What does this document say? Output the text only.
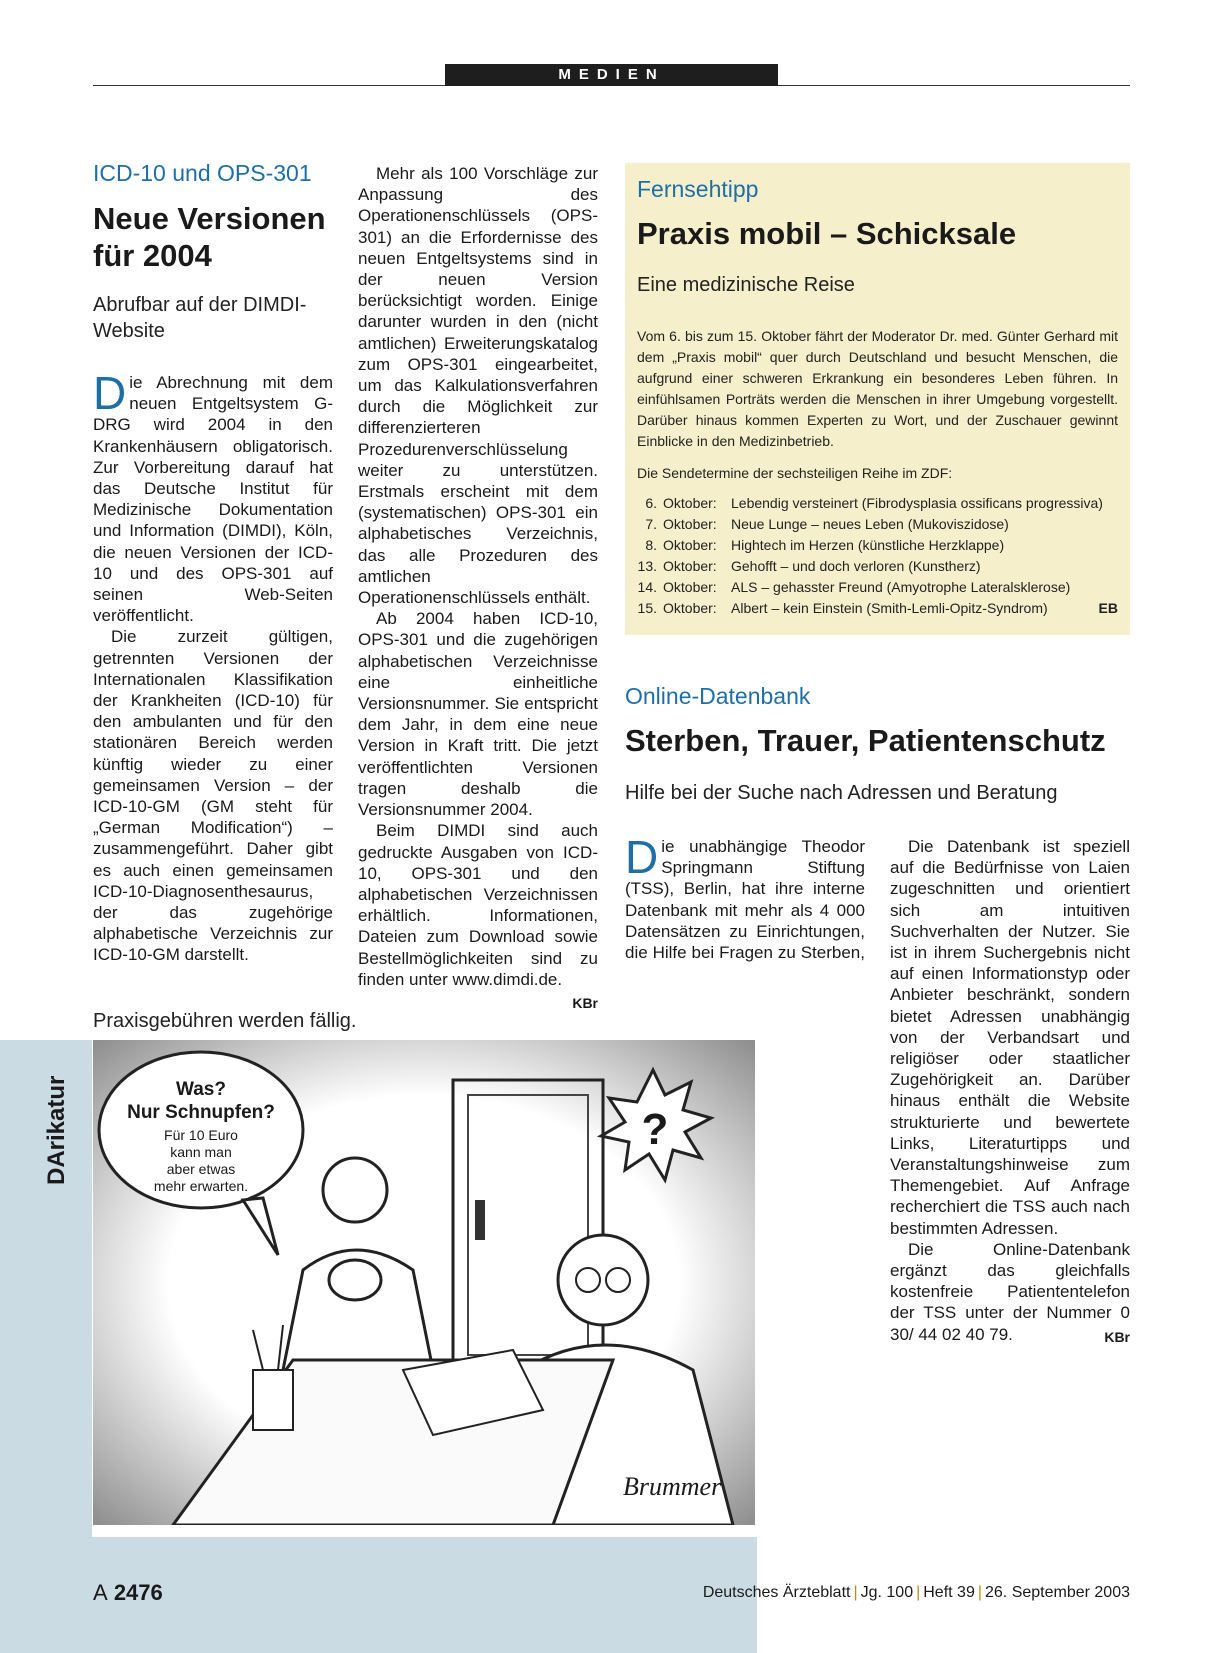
MEDIEN
ICD-10 und OPS-301
Neue Versionen für 2004
Abrufbar auf der DIMDI-Website

Die Abrechnung mit dem neuen Entgeltsystem G-DRG wird 2004 in den Krankenhäusern obligatorisch. Zur Vorbereitung darauf hat das Deutsche Institut für Medizinische Dokumentation und Information (DIMDI), Köln, die neuen Versionen der ICD-10 und des OPS-301 auf seinen Web-Seiten veröffentlicht.

Die zurzeit gültigen, getrennten Versionen der Internationalen Klassifikation der Krankheiten (ICD-10) für den ambulanten und für den stationären Bereich werden künftig wieder zu einer gemeinsamen Version – der ICD-10-GM (GM steht für „German Modification“) – zusammengeführt. Daher gibt es auch einen gemeinsamen ICD-10-Diagnosenthesaurus, der das zugehörige alphabetische Verzeichnis zur ICD-10-GM darstellt.

Mehr als 100 Vorschläge zur Anpassung des Operationenschlüssels (OPS-301) an die Erfordernisse des neuen Entgeltsystems sind in der neuen Version berücksichtigt worden. Einige darunter wurden in den (nicht amtlichen) Erweiterungskatalog zum OPS-301 eingearbeitet, um das Kalkulationsverfahren durch die Möglichkeit zur differenzierteren Prozedurenverschlüsselung weiter zu unterstützen. Erstmals erscheint mit dem (systematischen) OPS-301 ein alphabetisches Verzeichnis, das alle Prozeduren des amtlichen Operationenschlüssels enthält.

Ab 2004 haben ICD-10, OPS-301 und die zugehörigen alphabetischen Verzeichnisse eine einheitliche Versionsnummer. Sie entspricht dem Jahr, in dem eine neue Version in Kraft tritt. Die jetzt veröffentlichten Versionen tragen deshalb die Versionsnummer 2004.

Beim DIMDI sind auch gedruckte Ausgaben von ICD-10, OPS-301 und den alphabetischen Verzeichnissen erhältlich. Informationen, Dateien zum Download sowie Bestellmöglichkeiten sind zu finden unter www.dimdi.de.
KBr

Fernsehtipp
Praxis mobil – Schicksale
Eine medizinische Reise
Vom 6. bis zum 15. Oktober fährt der Moderator Dr. med. Günter Gerhard mit dem „Praxis mobil“ quer durch Deutschland und besucht Menschen, die aufgrund einer schweren Erkrankung ein besonderes Leben führen. In einfühlsamen Porträts werden die Menschen in ihrer Umgebung vorgestellt. Darüber hinaus kommen Experten zu Wort, und der Zuschauer gewinnt Einblicke in den Medizinbetrieb.
Die Sendetermine der sechsteiligen Reihe im ZDF:
6. Oktober:	Lebendig versteinert (Fibrodysplasia ossificans progressiva)
7. Oktober:	Neue Lunge – neues Leben (Mukoviszidose)
8. Oktober:	Hightech im Herzen (künstliche Herzklappe)
13. Oktober:	Gehofft – und doch verloren (Kunstherz)
14. Oktober:	ALS – gehasster Freund (Amyotrophe Lateralsklerose)
15. Oktober:	Albert – kein Einstein (Smith-Lemli-Opitz-Syndrom)	EB
Online-Datenbank
Sterben, Trauer, Patientenschutz
Hilfe bei der Suche nach Adressen und Beratung

Die unabhängige Theodor Springmann Stiftung (TSS), Berlin, hat ihre interne Datenbank mit mehr als 4 000 Datensätzen zu Einrichtungen, die Hilfe bei Fragen zu Sterben,

Die Datenbank ist speziell auf die Bedürfnisse von Laien zugeschnitten und orientiert sich am intuitiven Suchverhalten der Nutzer. Sie ist in ihrem Suchergebnis nicht auf einen Informationstyp oder Anbieter beschränkt, sondern bietet Adressen unabhängig von der Verbandsart und religiöser oder staatlicher Zugehörigkeit an. Darüber hinaus enthält die Website strukturierte und bewertete Links, Literaturtipps und Veranstaltungshinweise zum Themengebiet. Auf Anfrage recherchiert die TSS auch nach bestimmten Adressen.

Die Online-Datenbank ergänzt das gleichfalls kostenfreie Patiententelefon der TSS unter der Nummer 0 30/ 44 02 40 79.	KBr

Praxisgebühren werden fällig.
DArikatur	Was?
Nur Schnupfen?
Für 10 Euro
kann man
aber etwas
mehr erwarten.
?
Brummer
A 2476	Deutsches Ärzteblatt | Jg. 100 | Heft 39 | 26. September 2003
